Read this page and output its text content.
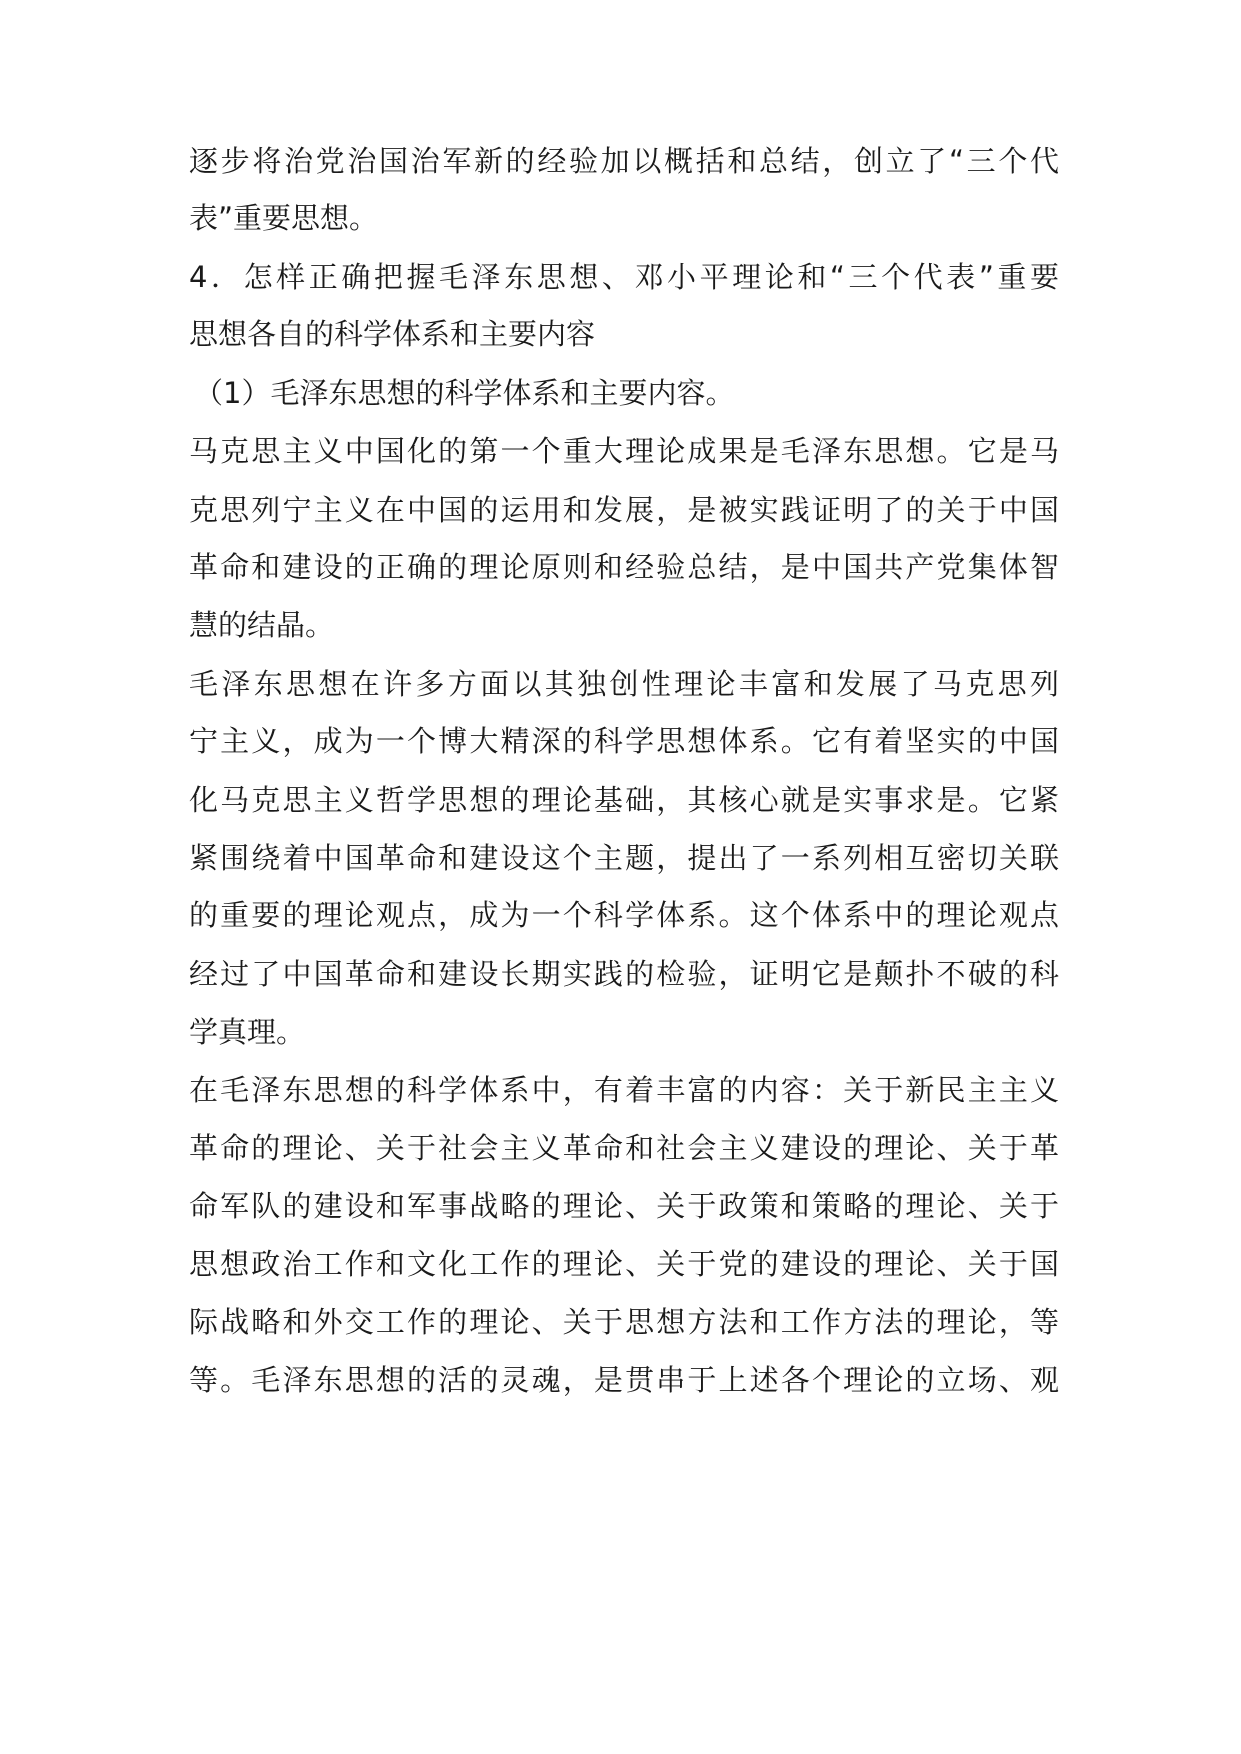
逐步将治党治国治军新的经验加以概括和总结，创立了“三个代
表”重要思想。
4．怎样正确把握毛泽东思想、邓小平理论和“三个代表”重要
思想各自的科学体系和主要内容
（1）毛泽东思想的科学体系和主要内容。
马克思主义中国化的第一个重大理论成果是毛泽东思想。它是马
克思列宁主义在中国的运用和发展，是被实践证明了的关于中国
革命和建设的正确的理论原则和经验总结，是中国共产党集体智
慧的结晶。
毛泽东思想在许多方面以其独创性理论丰富和发展了马克思列
宁主义，成为一个博大精深的科学思想体系。它有着坚实的中国
化马克思主义哲学思想的理论基础，其核心就是实事求是。它紧
紧围绕着中国革命和建设这个主题，提出了一系列相互密切关联
的重要的理论观点，成为一个科学体系。这个体系中的理论观点
经过了中国革命和建设长期实践的检验，证明它是颠扑不破的科
学真理。
在毛泽东思想的科学体系中，有着丰富的内容：关于新民主主义
革命的理论、关于社会主义革命和社会主义建设的理论、关于革
命军队的建设和军事战略的理论、关于政策和策略的理论、关于
思想政治工作和文化工作的理论、关于党的建设的理论、关于国
际战略和外交工作的理论、关于思想方法和工作方法的理论，等
等。毛泽东思想的活的灵魂，是贯串于上述各个理论的立场、观
